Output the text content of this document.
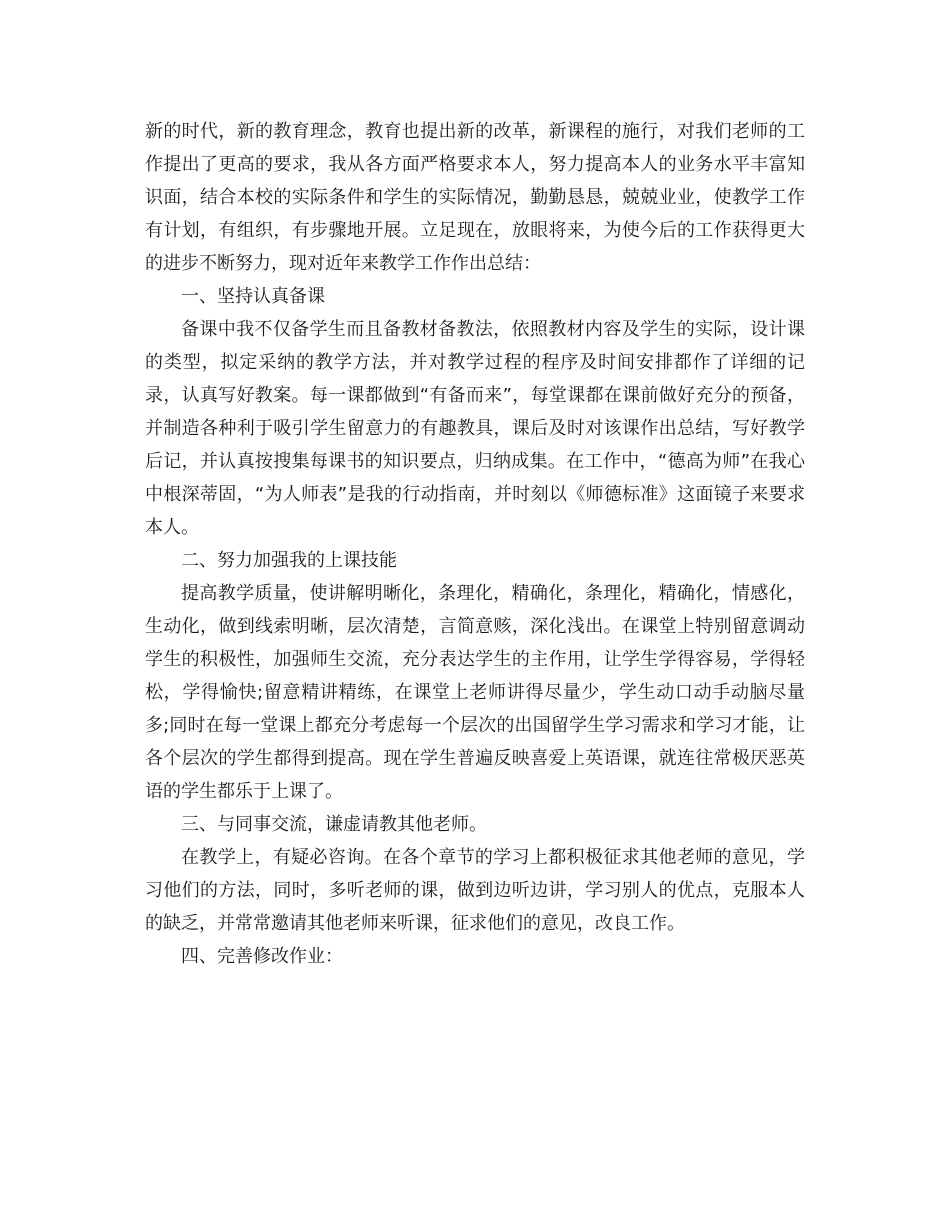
新的时代，新的教育理念，教育也提出新的改革，新课程的施行，对我们老师的工作提出了更高的要求，我从各方面严格要求本人，努力提高本人的业务水平丰富知识面，结合本校的实际条件和学生的实际情况，勤勤恳恳，兢兢业业，使教学工作有计划，有组织，有步骤地开展。立足现在，放眼将来，为使今后的工作获得更大的进步不断努力，现对近年来教学工作作出总结：

一、坚持认真备课

备课中我不仅备学生而且备教材备教法，依照教材内容及学生的实际，设计课的类型，拟定采纳的教学方法，并对教学过程的程序及时间安排都作了详细的记录，认真写好教案。每一课都做到“有备而来”，每堂课都在课前做好充分的预备，并制造各种利于吸引学生留意力的有趣教具，课后及时对该课作出总结，写好教学后记，并认真按搜集每课书的知识要点，归纳成集。在工作中，“德高为师”在我心中根深蒂固，“为人师表”是我的行动指南，并时刻以《师德标准》这面镜子来要求本人。

二、努力加强我的上课技能

提高教学质量，使讲解明晰化，条理化，精确化，条理化，精确化，情感化，生动化，做到线索明晰，层次清楚，言简意赅，深化浅出。在课堂上特别留意调动学生的积极性，加强师生交流，充分表达学生的主作用，让学生学得容易，学得轻松，学得愉快;留意精讲精练，在课堂上老师讲得尽量少，学生动口动手动脑尽量多;同时在每一堂课上都充分考虑每一个层次的出国留学生学习需求和学习才能，让各个层次的学生都得到提高。现在学生普遍反映喜爱上英语课，就连往常极厌恶英语的学生都乐于上课了。

三、与同事交流，谦虚请教其他老师。

在教学上，有疑必咨询。在各个章节的学习上都积极征求其他老师的意见，学习他们的方法，同时，多听老师的课，做到边听边讲，学习别人的优点，克服本人的缺乏，并常常邀请其他老师来听课，征求他们的意见，改良工作。

四、完善修改作业：
